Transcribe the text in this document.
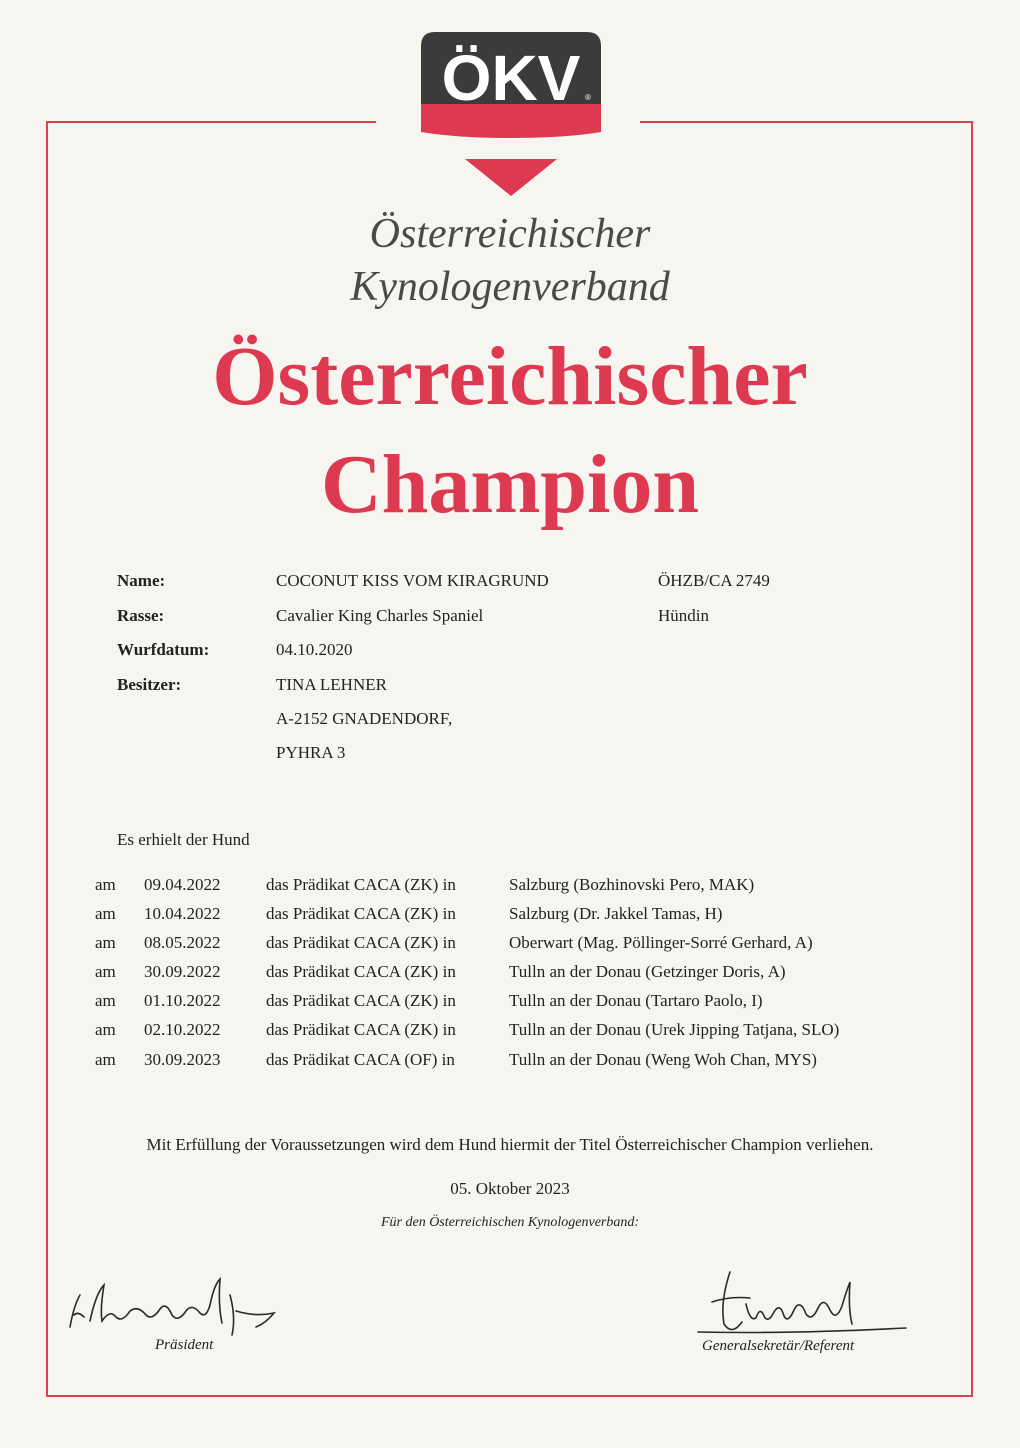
ÖKV ®
Österreichischer
Kynologenverband
Österreichischer
Champion
Name:	COCONUT KISS VOM KIRAGRUND	ÖHZB/CA 2749
Rasse:	Cavalier King Charles Spaniel	Hündin
Wurfdatum:	04.10.2020
Besitzer:	TINA LEHNER
A-2152 GNADENDORF,
PYHRA 3
Es erhielt der Hund
am 09.04.2022	das Prädikat CACA (ZK) in	Salzburg (Bozhinovski Pero, MAK)
am 10.04.2022	das Prädikat CACA (ZK) in	Salzburg (Dr. Jakkel Tamas, H)
am 08.05.2022	das Prädikat CACA (ZK) in	Oberwart (Mag. Pöllinger-Sorré Gerhard, A)
am 30.09.2022	das Prädikat CACA (ZK) in	Tulln an der Donau (Getzinger Doris, A)
am 01.10.2022	das Prädikat CACA (ZK) in	Tulln an der Donau (Tartaro Paolo, I)
am 02.10.2022	das Prädikat CACA (ZK) in	Tulln an der Donau (Urek Jipping Tatjana, SLO)
am 30.09.2023	das Prädikat CACA (OF) in	Tulln an der Donau (Weng Woh Chan, MYS)
Mit Erfüllung der Voraussetzungen wird dem Hund hiermit der Titel Österreichischer Champion verliehen.
05. Oktober 2023
Für den Österreichischen Kynologenverband:
Präsident	Generalsekretär/Referent
